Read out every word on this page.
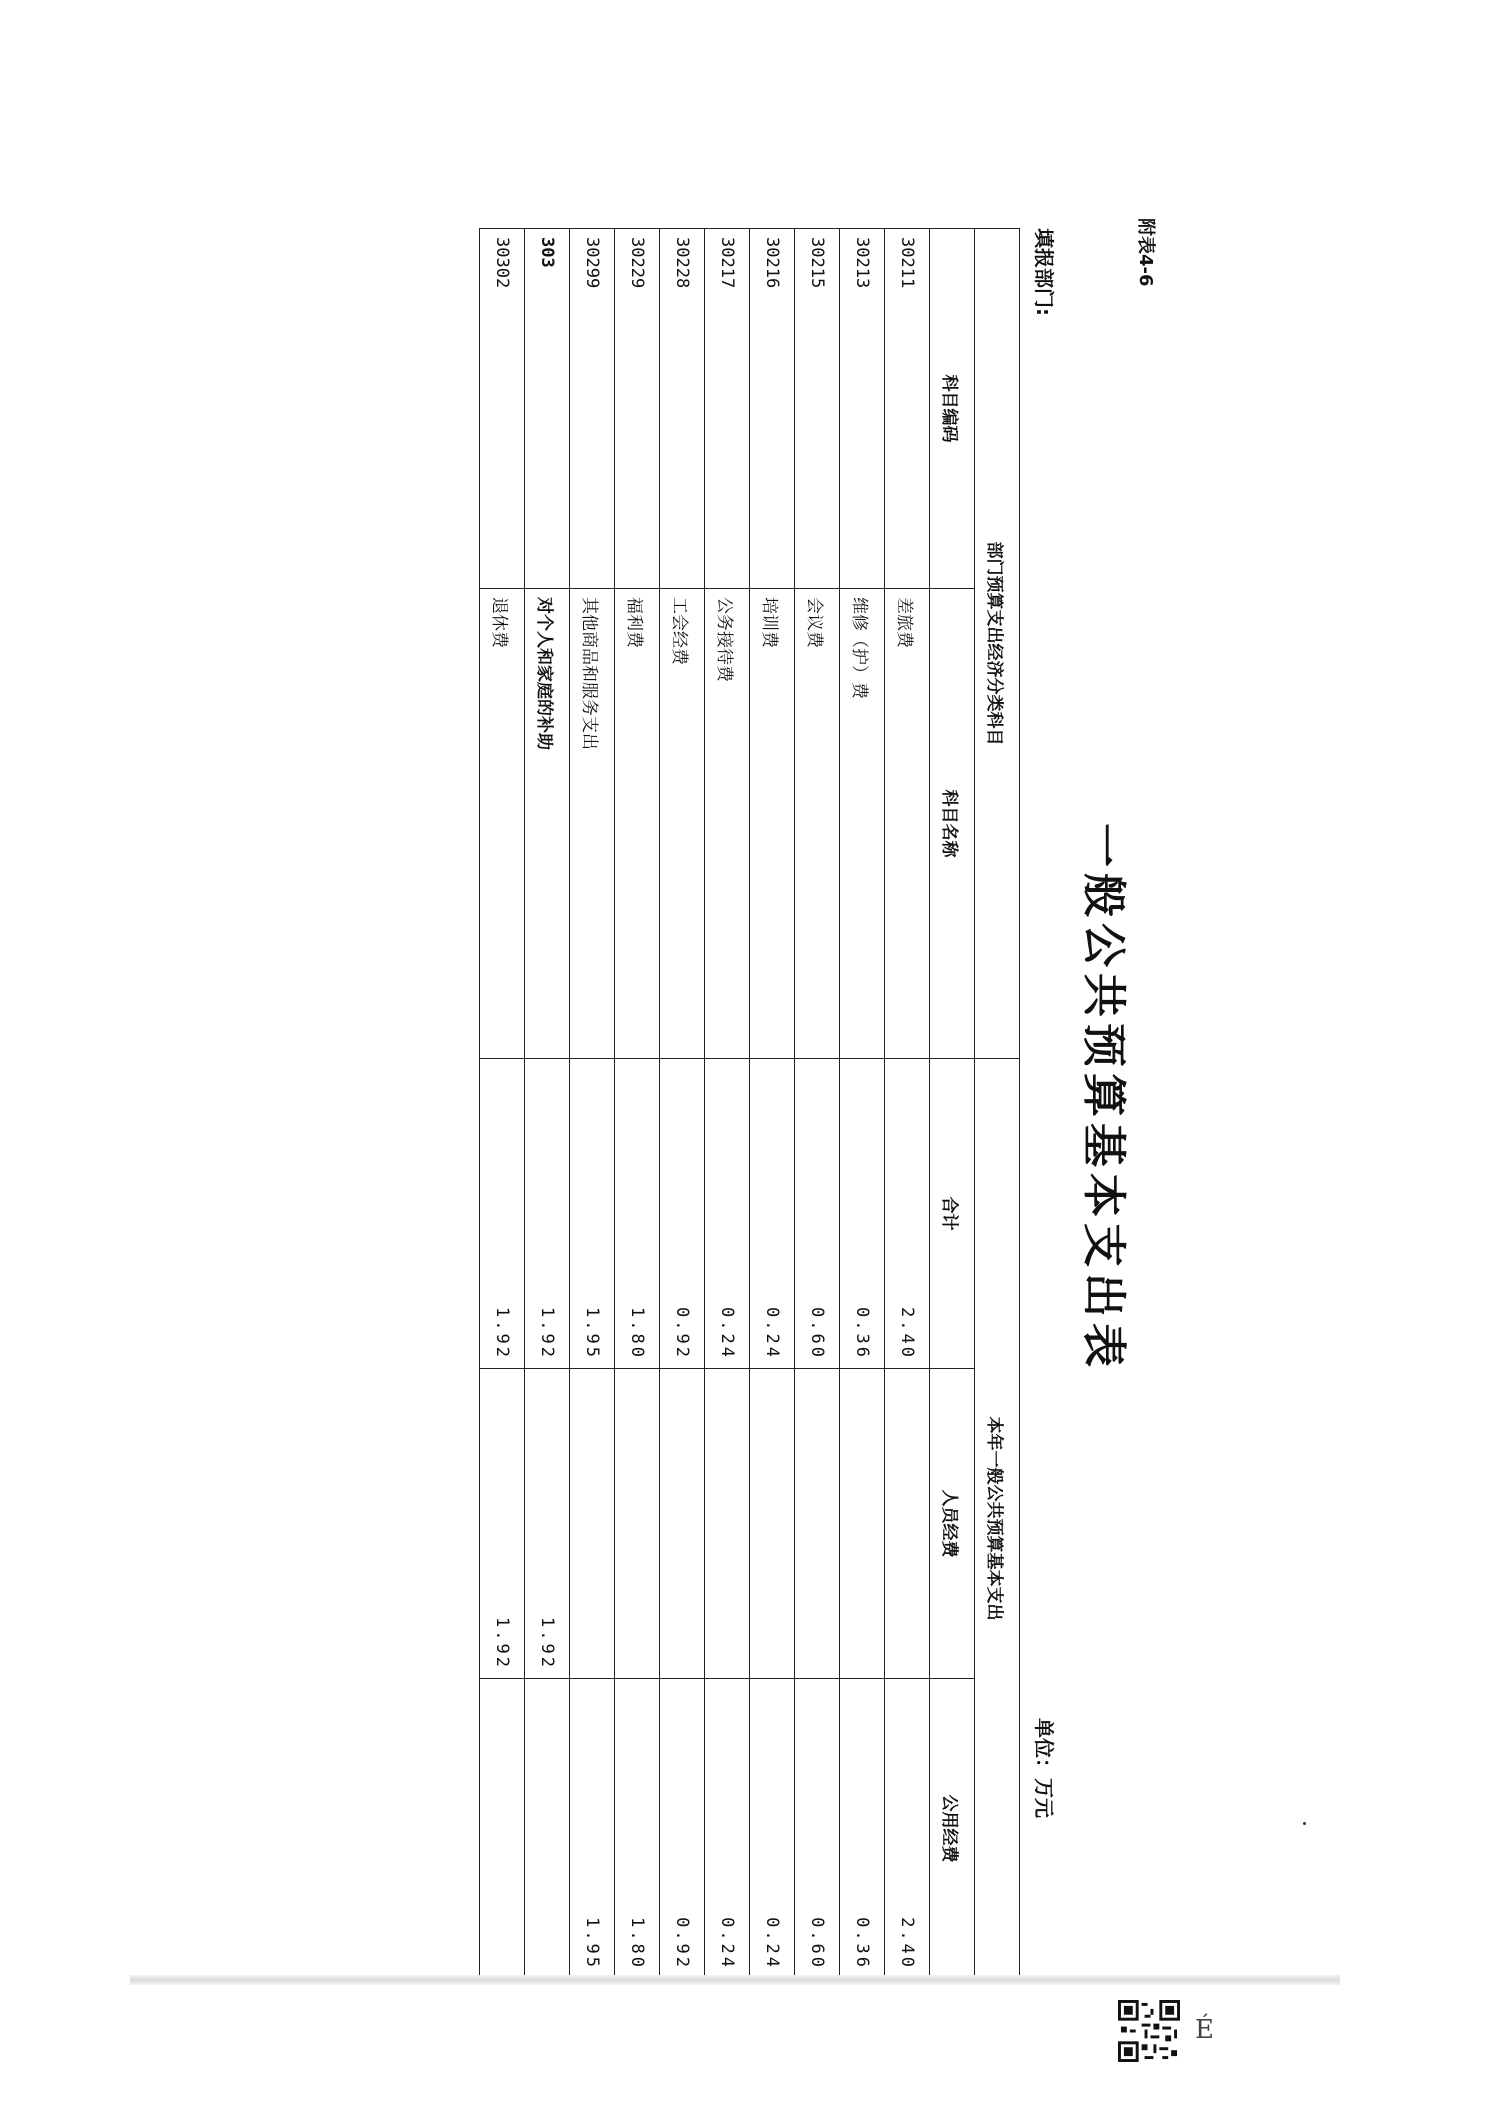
附表4-6
一般公共预算基本支出表
部门预算支出经济分类科目		本年一般公共预算基本支出		
科目编码	科目名称	合计	人员经费	公用经费
30211	差旅费	2.40		2.40
30213	维修（护）费	0.36		0.36
30215	会议费	0.60		0.60
30216	培训费	0.24		0.24
30217	公务接待费	0.24		0.24
30228	工会经费	0.92		0.92
30229	福利费	1.80		1.80
30299	其他商品和服务支出	1.95		1.95
303	对个人和家庭的补助	1.92	1.92	
30302	退休费	1.92	1.92	
填报部门:
单位：万元
É
